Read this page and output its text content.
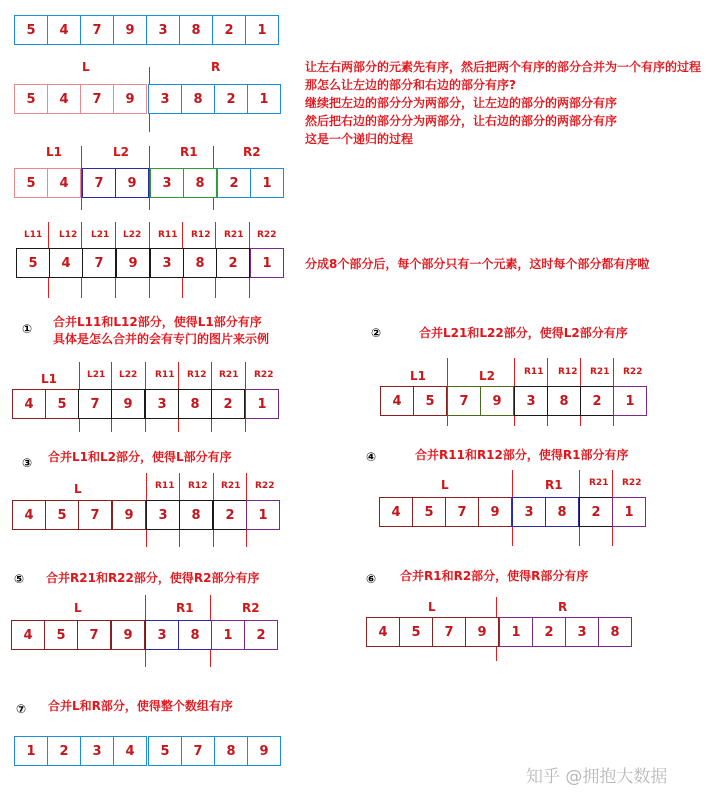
5	4	7	9	3	8	2	1
L	R
5	4	7	9	3	8	2	1
让左右两部分的元素先有序，然后把两个有序的部分合并为一个有序的过程
那怎么让左边的部分和右边的部分有序?
继续把左边的部分分为两部分，让左边的部分的两部分有序
然后把右边的部分分为两部分，让右边的部分的两部分有序
这是一个递归的过程
L1	L2	R1	R2
5	4	7	9	3	8	2	1
L11 L12 L21 L22 R11 R12 R21 R22
5	4	7	9	3	8	2	1	分成8个部分后，每个部分只有一个元素，这时每个部分都有序啦
① 合并L11和L12部分，使得L1部分有序
具体是怎么合并的会有专门的图片来示例
L1	L21 L22 R11 R12 R21 R22
4	5	7	9	3	8	2	1
②	合并L21和L22部分，使得L2部分有序
L1	L2	R11 R12 R21 R22
4	5	7	9	3	8	2	1
③ 合并L1和L2部分，使得L部分有序
L	R11 R12 R21 R22
4	5	7	9	3	8	2	1
④	合并R11和R12部分，使得R1部分有序
L	R1	R21 R22
4	5	7	9	3	8	2	1
⑤ 合并R21和R22部分，使得R2部分有序
L	R1	R2
4	5	7	9	3	8	1	2
⑥ 合并R1和R2部分，使得R部分有序
L	R
4	5	7	9	1	2	3	8
⑦ 合并L和R部分，使得整个数组有序
1	2	3	4	5	7	8	9
知乎 @拥抱大数据
